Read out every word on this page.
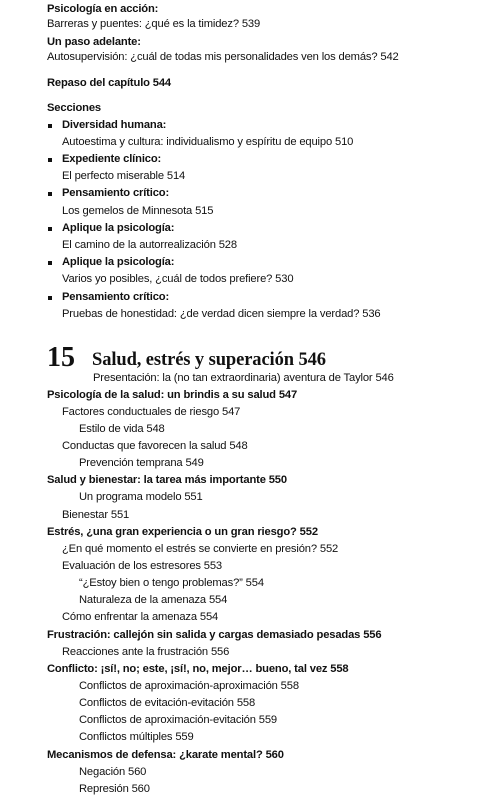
Psicología en acción:
Barreras y puentes: ¿qué es la timidez? 539
Un paso adelante:
Autosupervisión: ¿cuál de todas mis personalidades ven los demás? 542
Repaso del capítulo 544
Secciones
Diversidad humana:
Autoestima y cultura: individualismo y espíritu de equipo 510
Expediente clínico:
El perfecto miserable 514
Pensamiento crítico:
Los gemelos de Minnesota 515
Aplique la psicología:
El camino de la autorrealización 528
Aplique la psicología:
Varios yo posibles, ¿cuál de todos prefiere? 530
Pensamiento crítico:
Pruebas de honestidad: ¿de verdad dicen siempre la verdad? 536
15 Salud, estrés y superación 546
Presentación: la (no tan extraordinaria) aventura de Taylor 546
Psicología de la salud: un brindis a su salud 547
Factores conductuales de riesgo 547
Estilo de vida 548
Conductas que favorecen la salud 548
Prevención temprana 549
Salud y bienestar: la tarea más importante 550
Un programa modelo 551
Bienestar 551
Estrés, ¿una gran experiencia o un gran riesgo? 552
¿En qué momento el estrés se convierte en presión? 552
Evaluación de los estresores 553
“¿Estoy bien o tengo problemas?” 554
Naturaleza de la amenaza 554
Cómo enfrentar la amenaza 554
Frustración: callejón sin salida y cargas demasiado pesadas 556
Reacciones ante la frustración 556
Conflicto: ¡sí!, no; este, ¡sí!, no, mejor… bueno, tal vez 558
Conflictos de aproximación-aproximación 558
Conflictos de evitación-evitación 558
Conflictos de aproximación-evitación 559
Conflictos múltiples 559
Mecanismos de defensa: ¿karate mental? 560
Negación 560
Represión 560
